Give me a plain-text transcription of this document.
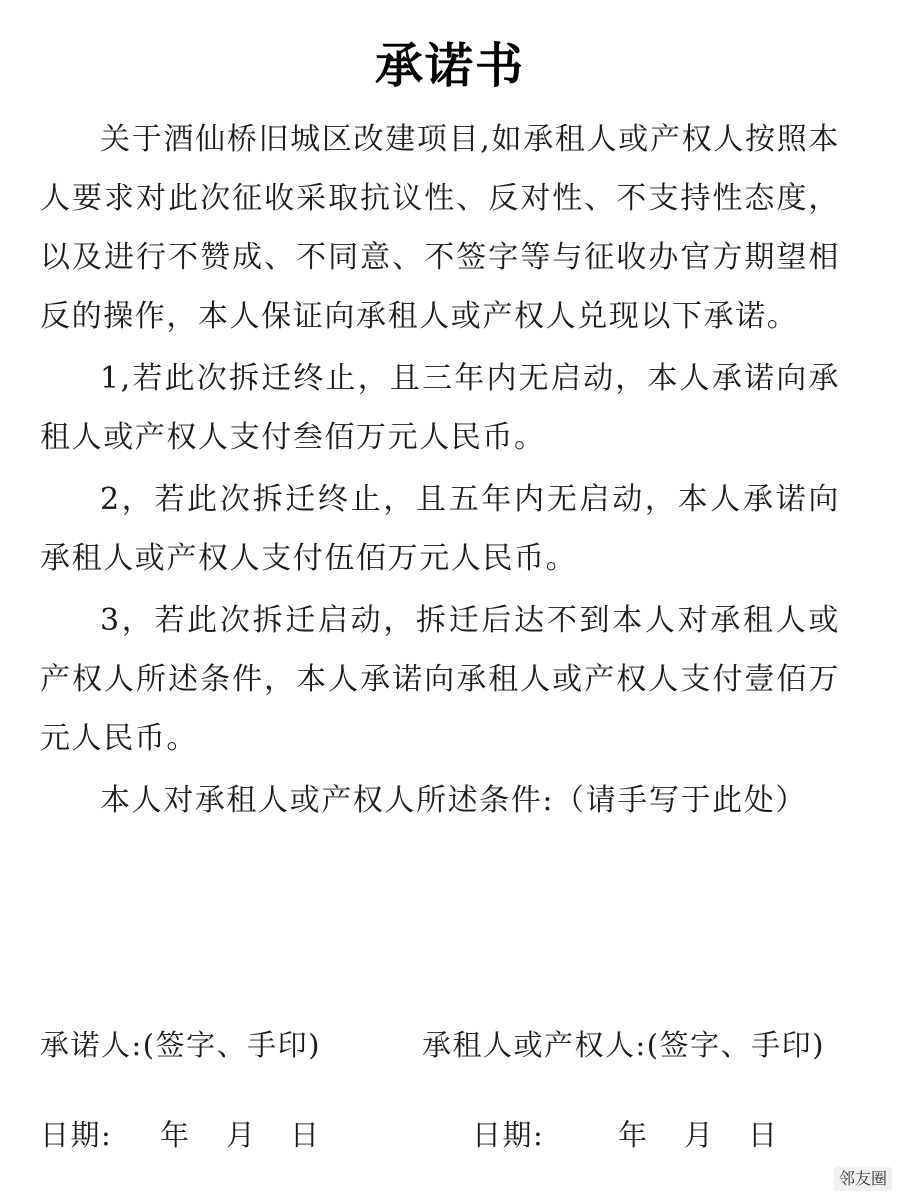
承诺书

关于酒仙桥旧城区改建项目,如承租人或产权人按照本人要求对此次征收采取抗议性、反对性、不支持性态度，以及进行不赞成、不同意、不签字等与征收办官方期望相反的操作，本人保证向承租人或产权人兑现以下承诺。

1,若此次拆迁终止，且三年内无启动，本人承诺向承租人或产权人支付叁佰万元人民币。

2，若此次拆迁终止，且五年内无启动，本人承诺向承租人或产权人支付伍佰万元人民币。

3，若此次拆迁启动，拆迁后达不到本人对承租人或产权人所述条件，本人承诺向承租人或产权人支付壹佰万元人民币。

本人对承租人或产权人所述条件:（请手写于此处）

承诺人:(签字、手印)	承租人或产权人:(签字、手印)
日期: 年 月 日	日期:	年 月 日
邻友圈
